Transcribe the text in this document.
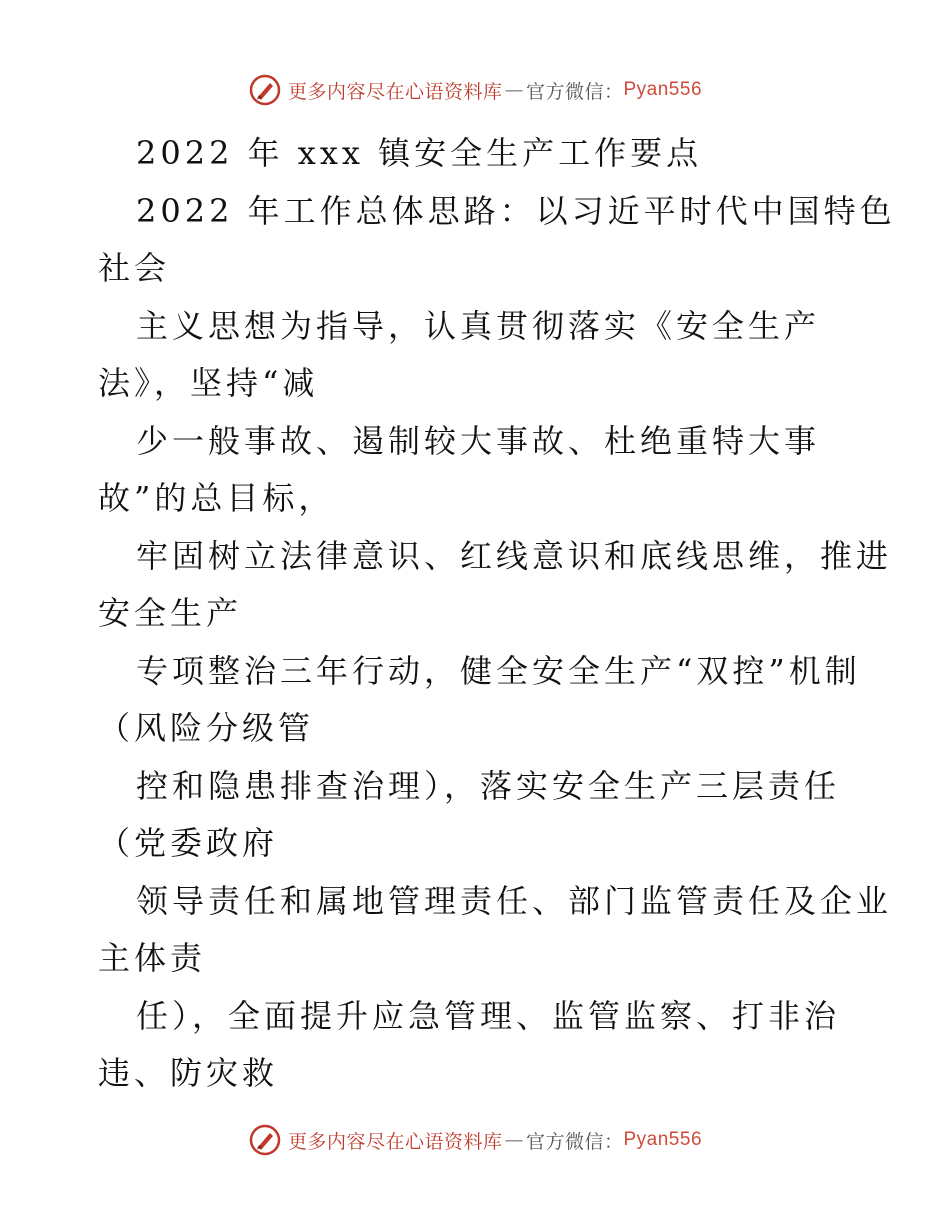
更多内容尽在心语资料库 — 官方微信： Pyan556
2022 年 xxx 镇安全生产工作要点
2022 年工作总体思路：以习近平时代中国特色
社会
主义思想为指导，认真贯彻落实《安全生产
法》，坚持“减
少一般事故、遏制较大事故、杜绝重特大事
故”的总目标，
牢固树立法律意识、红线意识和底线思维，推进
安全生产
专项整治三年行动，健全安全生产“双控”机制
（风险分级管
控和隐患排查治理），落实安全生产三层责任
（党委政府
领导责任和属地管理责任、部门监管责任及企业
主体责
任），全面提升应急管理、监管监察、打非治
违、防灾救
更多内容尽在心语资料库 — 官方微信： Pyan556
